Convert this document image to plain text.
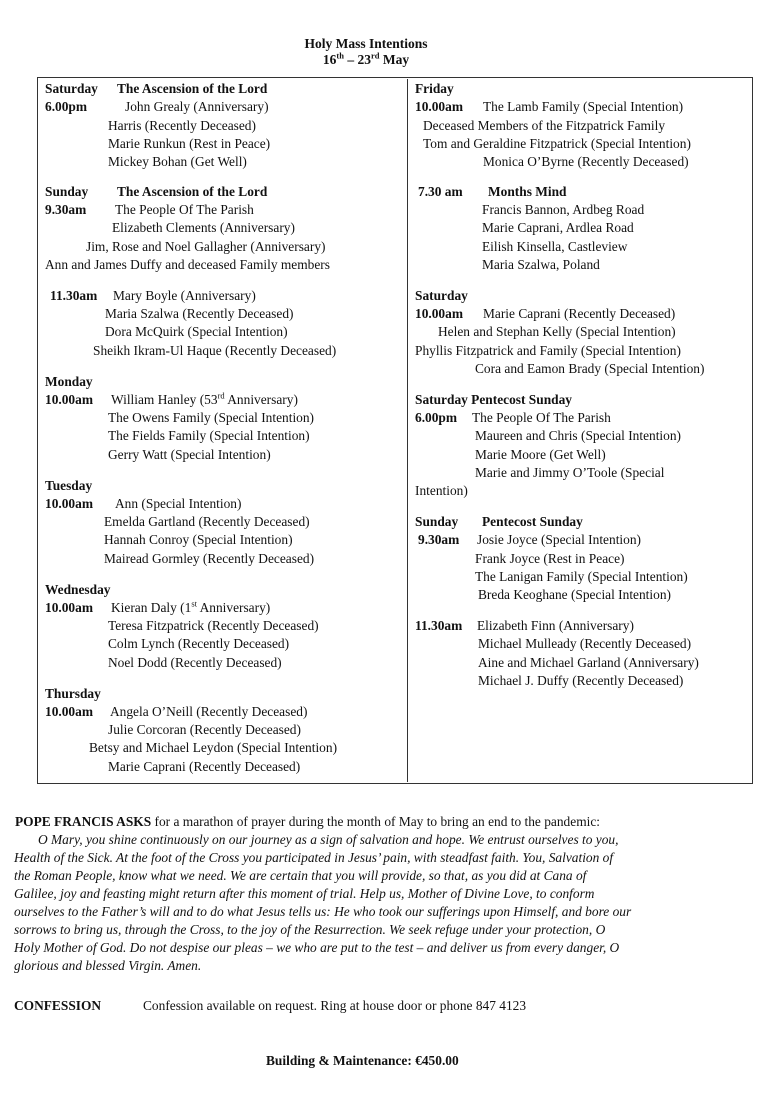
Holy Mass Intentions
16th – 23rd May
Saturday The Ascension of the Lord
6.00pm	John Grealy (Anniversary)
Harris (Recently Deceased)
Marie Runkun (Rest in Peace)
Mickey Bohan (Get Well)
Sunday The Ascension of the Lord
9.30am The People Of The Parish
Elizabeth Clements (Anniversary)
Jim, Rose and Noel Gallagher (Anniversary)
Ann and James Duffy and deceased Family members
11.30am Mary Boyle (Anniversary)
Maria Szalwa (Recently Deceased)
Dora McQuirk (Special Intention)
Sheikh Ikram-Ul Haque (Recently Deceased)
Monday
10.00am William Hanley (53rd Anniversary)
The Owens Family (Special Intention)
The Fields Family (Special Intention)
Gerry Watt (Special Intention)
Tuesday
10.00am Ann (Special Intention)
Emelda Gartland (Recently Deceased)
Hannah Conroy (Special Intention)
Mairead Gormley (Recently Deceased)
Wednesday
10.00am Kieran Daly (1st Anniversary)
Teresa Fitzpatrick (Recently Deceased)
Colm Lynch (Recently Deceased)
Noel Dodd (Recently Deceased)
Thursday
10.00am Angela O’Neill (Recently Deceased)
Julie Corcoran (Recently Deceased)
Betsy and Michael Leydon (Special Intention)
Marie Caprani (Recently Deceased)
Friday
10.00am The Lamb Family (Special Intention)
Deceased Members of the Fitzpatrick Family
Tom and Geraldine Fitzpatrick (Special Intention)
Monica O’Byrne (Recently Deceased)
7.30 am Months Mind
Francis Bannon, Ardbeg Road
Marie Caprani, Ardlea Road
Eilish Kinsella, Castleview
Maria Szalwa, Poland
Saturday
10.00am Marie Caprani (Recently Deceased)
Helen and Stephan Kelly (Special Intention)
Phyllis Fitzpatrick and Family (Special Intention)
Cora and Eamon Brady (Special Intention)
Saturday Pentecost Sunday
6.00pm The People Of The Parish
Maureen and Chris (Special Intention)
Marie Moore (Get Well)
Marie and Jimmy O’Toole (Special
Intention)
Sunday Pentecost Sunday
9.30am Josie Joyce (Special Intention)
Frank Joyce (Rest in Peace)
The Lanigan Family (Special Intention)
Breda Keoghane (Special Intention)
11.30am Elizabeth Finn (Anniversary)
Michael Mulleady (Recently Deceased)
Aine and Michael Garland (Anniversary)
Michael J. Duffy (Recently Deceased)
POPE FRANCIS ASKS for a marathon of prayer during the month of May to bring an end to the pandemic:
O Mary, you shine continuously on our journey as a sign of salvation and hope. We entrust ourselves to you,
Health of the Sick. At the foot of the Cross you participated in Jesus’ pain, with steadfast faith. You, Salvation of
the Roman People, know what we need. We are certain that you will provide, so that, as you did at Cana of
Galilee, joy and feasting might return after this moment of trial. Help us, Mother of Divine Love, to conform
ourselves to the Father’s will and to do what Jesus tells us: He who took our sufferings upon Himself, and bore our
sorrows to bring us, through the Cross, to the joy of the Resurrection. We seek refuge under your protection, O
Holy Mother of God. Do not despise our pleas – we who are put to the test – and deliver us from every danger, O
glorious and blessed Virgin. Amen.
CONFESSION	Confession available on request. Ring at house door or phone 847 4123
Building & Maintenance: €450.00
